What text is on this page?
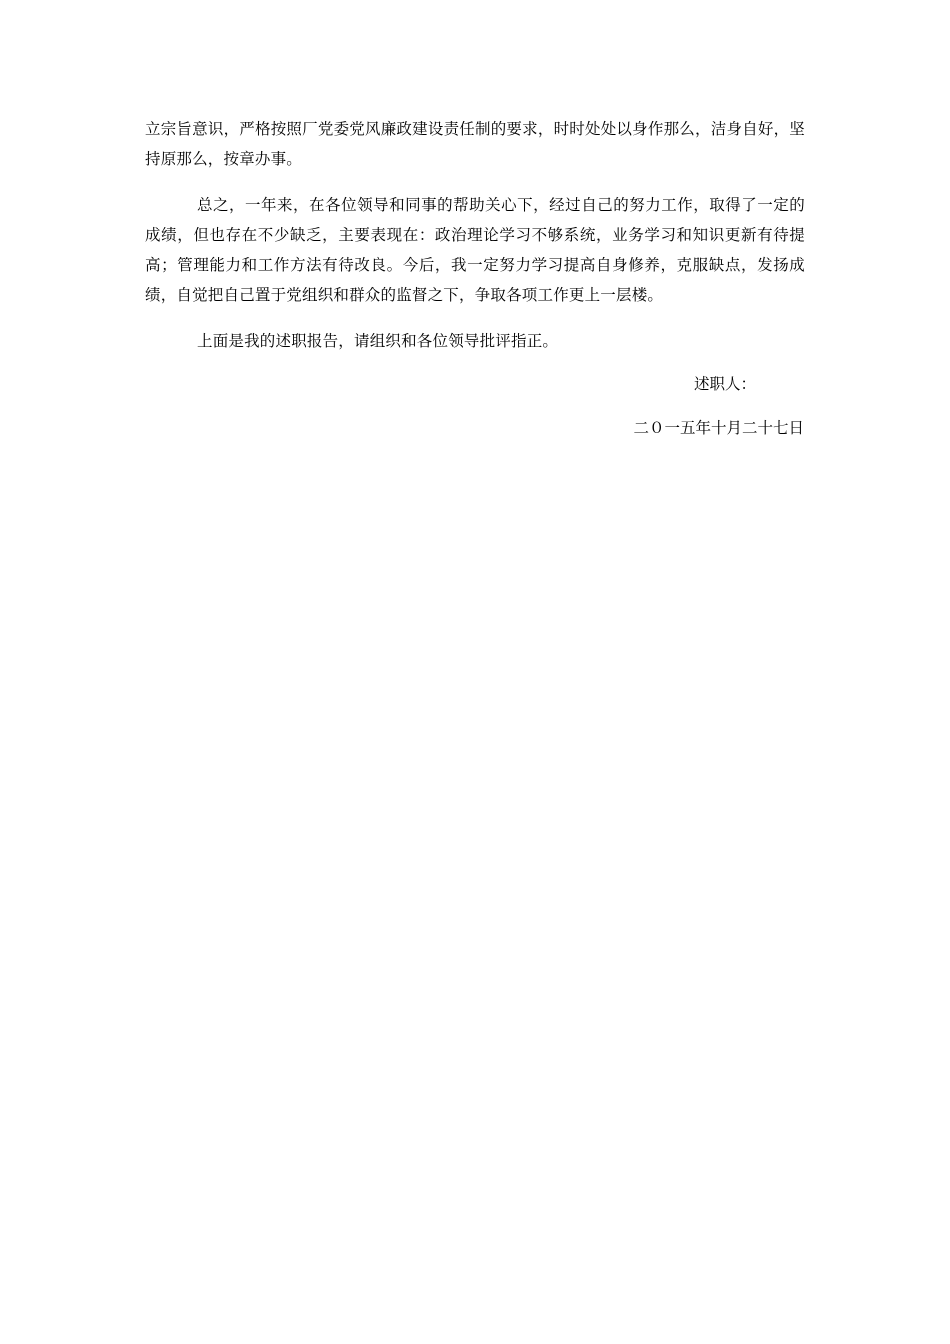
立宗旨意识，严格按照厂党委党风廉政建设责任制的要求，时时处处以身作那么，洁身自好，坚持原那么，按章办事。

总之，一年来，在各位领导和同事的帮助关心下，经过自己的努力工作，取得了一定的成绩，但也存在不少缺乏，主要表现在：政治理论学习不够系统，业务学习和知识更新有待提高；管理能力和工作方法有待改良。今后，我一定努力学习提高自身修养，克服缺点，发扬成绩，自觉把自己置于党组织和群众的监督之下，争取各项工作更上一层楼。

上面是我的述职报告，请组织和各位领导批评指正。

述职人：
二０一五年十月二十七日
